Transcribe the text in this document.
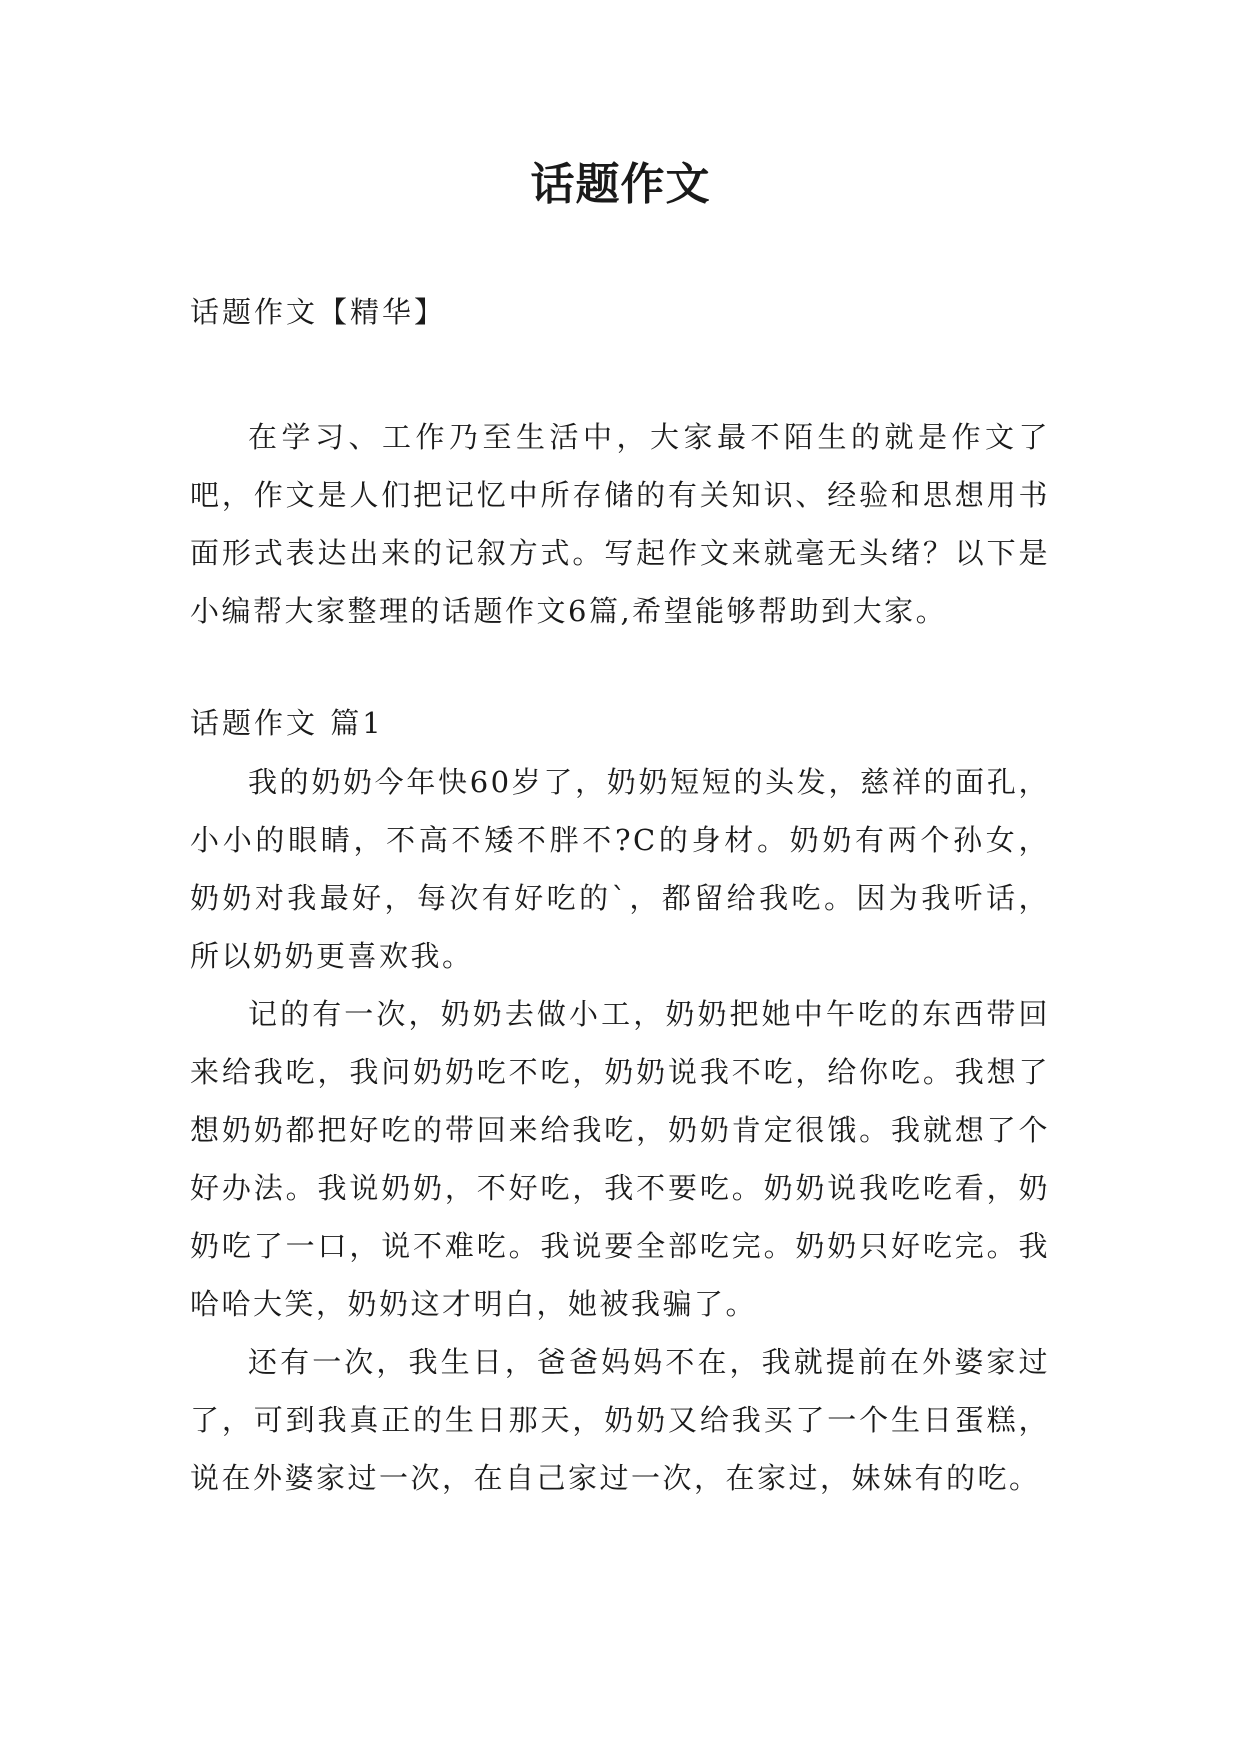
话题作文

话题作文【精华】

在学习、工作乃至生活中，大家最不陌生的就是作文了吧，作文是人们把记忆中所存储的有关知识、经验和思想用书面形式表达出来的记叙方式。写起作文来就毫无头绪？以下是小编帮大家整理的话题作文6篇,希望能够帮助到大家。

话题作文 篇1

我的奶奶今年快60岁了，奶奶短短的头发，慈祥的面孔，小小的眼睛，不高不矮不胖不?C的身材。奶奶有两个孙女，奶奶对我最好，每次有好吃的`，都留给我吃。因为我听话，所以奶奶更喜欢我。

记的有一次，奶奶去做小工，奶奶把她中午吃的东西带回来给我吃，我问奶奶吃不吃，奶奶说我不吃，给你吃。我想了想奶奶都把好吃的带回来给我吃，奶奶肯定很饿。我就想了个好办法。我说奶奶，不好吃，我不要吃。奶奶说我吃吃看，奶奶吃了一口，说不难吃。我说要全部吃完。奶奶只好吃完。我哈哈大笑，奶奶这才明白，她被我骗了。

还有一次，我生日，爸爸妈妈不在，我就提前在外婆家过了，可到我真正的生日那天，奶奶又给我买了一个生日蛋糕，说在外婆家过一次，在自己家过一次，在家过，妹妹有的吃。
